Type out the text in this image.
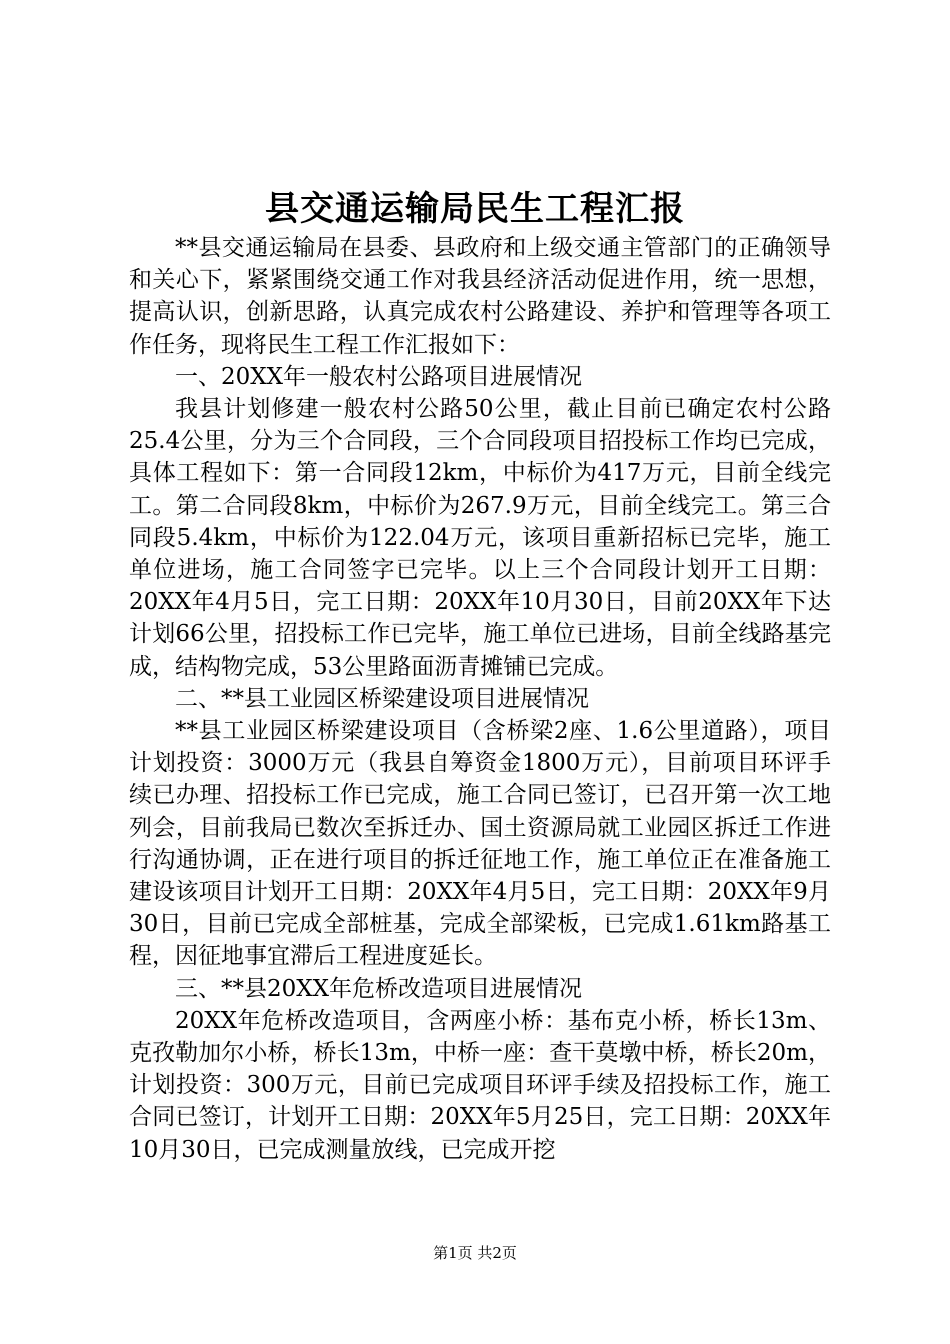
县交通运输局民生工程汇报

**县交通运输局在县委、县政府和上级交通主管部门的正确领导和关心下，紧紧围绕交通工作对我县经济活动促进作用，统一思想，提高认识，创新思路，认真完成农村公路建设、养护和管理等各项工作任务，现将民生工程工作汇报如下：

一、20XX年一般农村公路项目进展情况

我县计划修建一般农村公路50公里，截止目前已确定农村公路25.4公里，分为三个合同段，三个合同段项目招投标工作均已完成，具体工程如下：第一合同段12km，中标价为417万元，目前全线完工。第二合同段8km，中标价为267.9万元，目前全线完工。第三合同段5.4km，中标价为122.04万元，该项目重新招标已完毕，施工单位进场，施工合同签字已完毕。以上三个合同段计划开工日期：20XX年4月5日，完工日期：20XX年10月30日，目前20XX年下达计划66公里，招投标工作已完毕，施工单位已进场，目前全线路基完成，结构物完成，53公里路面沥青摊铺已完成。

二、**县工业园区桥梁建设项目进展情况

**县工业园区桥梁建设项目（含桥梁2座、1.6公里道路），项目计划投资：3000万元（我县自筹资金1800万元），目前项目环评手续已办理、招投标工作已完成，施工合同已签订，已召开第一次工地列会，目前我局已数次至拆迁办、国土资源局就工业园区拆迁工作进行沟通协调，正在进行项目的拆迁征地工作，施工单位正在准备施工建设该项目计划开工日期：20XX年4月5日，完工日期：20XX年9月30日，目前已完成全部桩基，完成全部梁板，已完成1.61km路基工程，因征地事宜滞后工程进度延长。

三、**县20XX年危桥改造项目进展情况

20XX年危桥改造项目，含两座小桥：基布克小桥，桥长13m、克孜勒加尔小桥，桥长13m，中桥一座：查干莫墩中桥，桥长20m，计划投资：300万元，目前已完成项目环评手续及招投标工作，施工合同已签订，计划开工日期：20XX年5月25日，完工日期：20XX年10月30日，已完成测量放线，已完成开挖

第1页 共2页
